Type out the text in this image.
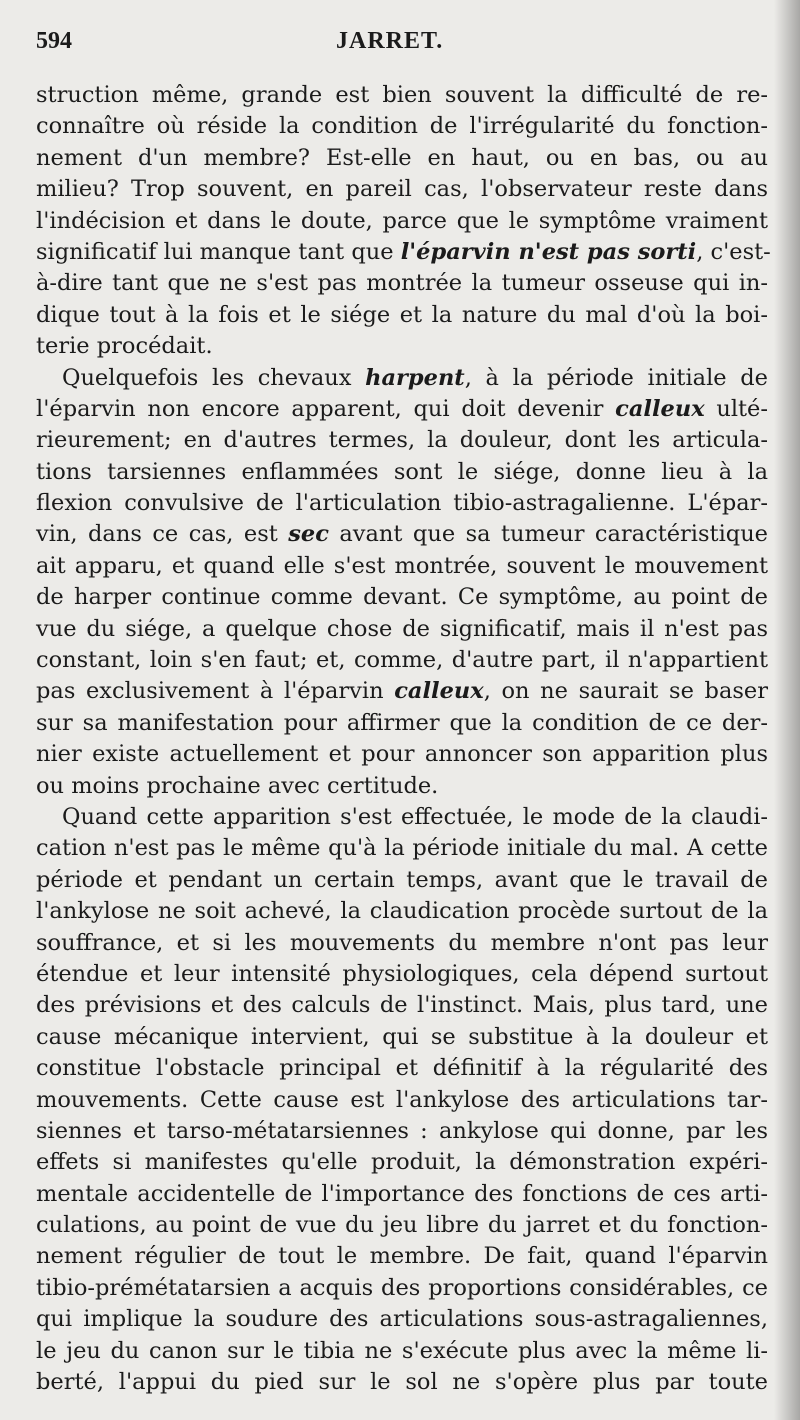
594	JARRET.
struction même, grande est bien souvent la difficulté de re-
connaître où réside la condition de l'irrégularité du fonction-
nement d'un membre? Est-elle en haut, ou en bas, ou au
milieu? Trop souvent, en pareil cas, l'observateur reste dans
l'indécision et dans le doute, parce que le symptôme vraiment
significatif lui manque tant que l'éparvin n'est pas sorti, c'est-
à-dire tant que ne s'est pas montrée la tumeur osseuse qui in-
dique tout à la fois et le siége et la nature du mal d'où la boi-
terie procédait.
Quelquefois les chevaux harpent, à la période initiale de
l'éparvin non encore apparent, qui doit devenir calleux ulté-
rieurement; en d'autres termes, la douleur, dont les articula-
tions tarsiennes enflammées sont le siége, donne lieu à la
flexion convulsive de l'articulation tibio-astragalienne. L'épar-
vin, dans ce cas, est sec avant que sa tumeur caractéristique
ait apparu, et quand elle s'est montrée, souvent le mouvement
de harper continue comme devant. Ce symptôme, au point de
vue du siége, a quelque chose de significatif, mais il n'est pas
constant, loin s'en faut; et, comme, d'autre part, il n'appartient
pas exclusivement à l'éparvin calleux, on ne saurait se baser
sur sa manifestation pour affirmer que la condition de ce der-
nier existe actuellement et pour annoncer son apparition plus
ou moins prochaine avec certitude.
Quand cette apparition s'est effectuée, le mode de la claudi-
cation n'est pas le même qu'à la période initiale du mal. A cette
période et pendant un certain temps, avant que le travail de
l'ankylose ne soit achevé, la claudication procède surtout de la
souffrance, et si les mouvements du membre n'ont pas leur
étendue et leur intensité physiologiques, cela dépend surtout
des prévisions et des calculs de l'instinct. Mais, plus tard, une
cause mécanique intervient, qui se substitue à la douleur et
constitue l'obstacle principal et définitif à la régularité des
mouvements. Cette cause est l'ankylose des articulations tar-
siennes et tarso-métatarsiennes : ankylose qui donne, par les
effets si manifestes qu'elle produit, la démonstration expéri-
mentale accidentelle de l'importance des fonctions de ces arti-
culations, au point de vue du jeu libre du jarret et du fonction-
nement régulier de tout le membre. De fait, quand l'éparvin
tibio-prémétatarsien a acquis des proportions considérables, ce
qui implique la soudure des articulations sous-astragaliennes,
le jeu du canon sur le tibia ne s'exécute plus avec la même li-
berté, l'appui du pied sur le sol ne s'opère plus par toute
